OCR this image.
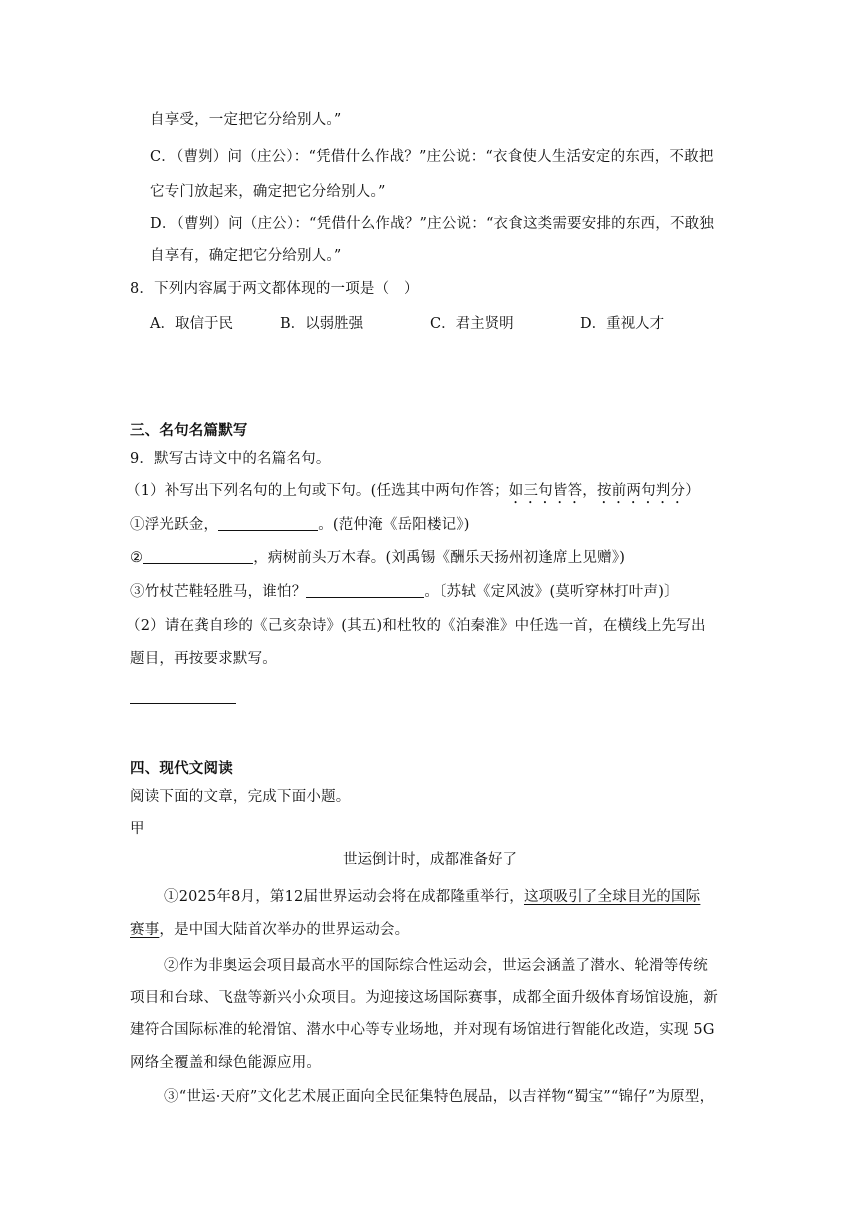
自享受，一定把它分给别人。”
C．（曹刿）问（庄公）：“凭借什么作战？”庄公说：“衣食使人生活安定的东西，不敢把
它专门放起来，确定把它分给别人。”
D．（曹刿）问（庄公）：“凭借什么作战？”庄公说：“衣食这类需要安排的东西，不敢独
自享有，确定把它分给别人。”
8．下列内容属于两文都体现的一项是（　）
A．取信于民	B．以弱胜强	C．君主贤明	D．重视人才
三、名句名篇默写
9．默写古诗文中的名篇名句。
（1）补写出下列名句的上句或下句。(任选其中两句作答；如三句皆答，按前两句判分）
①浮光跃金，	。(范仲淹《岳阳楼记》)
②	，病树前头万木春。(刘禹锡《酬乐天扬州初逢席上见赠》)
③竹杖芒鞋轻胜马，谁怕？	。〔苏轼《定风波》(莫听穿林打叶声)〕
（2）请在龚自珍的《己亥杂诗》(其五)和杜牧的《泊秦淮》中任选一首，在横线上先写出
题目，再按要求默写。
四、现代文阅读
阅读下面的文章，完成下面小题。
甲
世运倒计时，成都准备好了
①2025年8月，第12届世界运动会将在成都隆重举行，这项吸引了全球目光的国际
赛事，是中国大陆首次举办的世界运动会。
②作为非奥运会项目最高水平的国际综合性运动会，世运会涵盖了潜水、轮滑等传统
项目和台球、飞盘等新兴小众项目。为迎接这场国际赛事，成都全面升级体育场馆设施，新
建符合国际标准的轮滑馆、潜水中心等专业场地，并对现有场馆进行智能化改造，实现 5G
网络全覆盖和绿色能源应用。
③“世运·天府”文化艺术展正面向全民征集特色展品，以吉祥物“蜀宝”“锦仔”为原型，
